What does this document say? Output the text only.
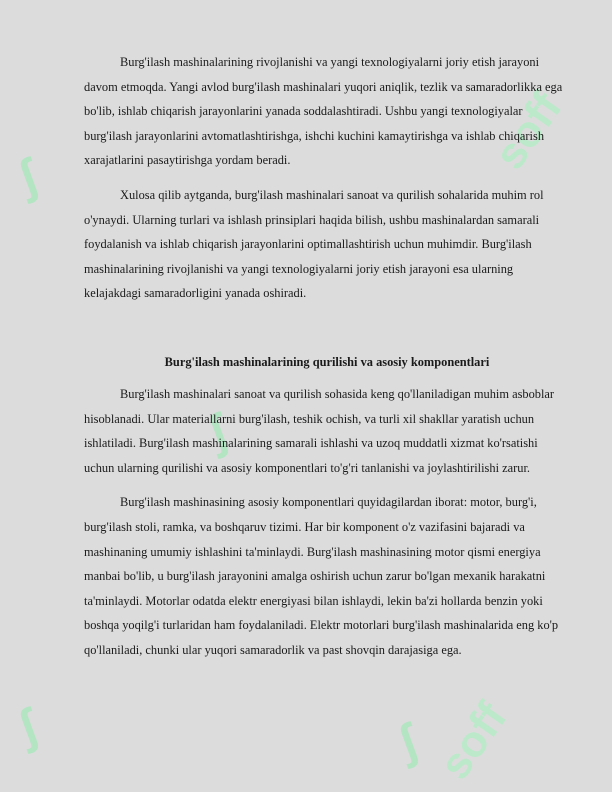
ʃ
ʃ
ʃ	ʃ
soff
soff

Burg'ilash mashinalarining rivojlanishi va yangi texnologiyalarni joriy etish jarayoni davom etmoqda. Yangi avlod burg'ilash mashinalari yuqori aniqlik, tezlik va samaradorlikka ega bo'lib, ishlab chiqarish jarayonlarini yanada soddalashtiradi. Ushbu yangi texnologiyalar burg'ilash jarayonlarini avtomatlashtirishga, ishchi kuchini kamaytirishga va ishlab chiqarish xarajatlarini pasaytirishga yordam beradi.

Xulosa qilib aytganda, burg'ilash mashinalari sanoat va qurilish sohalarida muhim rol o'ynaydi. Ularning turlari va ishlash prinsiplari haqida bilish, ushbu mashinalardan samarali foydalanish va ishlab chiqarish jarayonlarini optimallashtirish uchun muhimdir. Burg'ilash mashinalarining rivojlanishi va yangi texnologiyalarni joriy etish jarayoni esa ularning kelajakdagi samaradorligini yanada oshiradi.

Burg'ilash mashinalarining qurilishi va asosiy komponentlari

Burg'ilash mashinalari sanoat va qurilish sohasida keng qo'llaniladigan muhim asboblar hisoblanadi. Ular materiallarni burg'ilash, teshik ochish, va turli xil shakllar yaratish uchun ishlatiladi. Burg'ilash mashinalarining samarali ishlashi va uzoq muddatli xizmat ko'rsatishi uchun ularning qurilishi va asosiy komponentlari to'g'ri tanlanishi va joylashtirilishi zarur.

Burg'ilash mashinasining asosiy komponentlari quyidagilardan iborat: motor, burg'i, burg'ilash stoli, ramka, va boshqaruv tizimi. Har bir komponent o'z vazifasini bajaradi va mashinaning umumiy ishlashini ta'minlaydi. Burg'ilash mashinasining motor qismi energiya manbai bo'lib, u burg'ilash jarayonini amalga oshirish uchun zarur bo'lgan mexanik harakatni ta'minlaydi. Motorlar odatda elektr energiyasi bilan ishlaydi, lekin ba'zi hollarda benzin yoki boshqa yoqilg'i turlaridan ham foydalaniladi. Elektr motorlari burg'ilash mashinalarida eng ko'p qo'llaniladi, chunki ular yuqori samaradorlik va past shovqin darajasiga ega.
